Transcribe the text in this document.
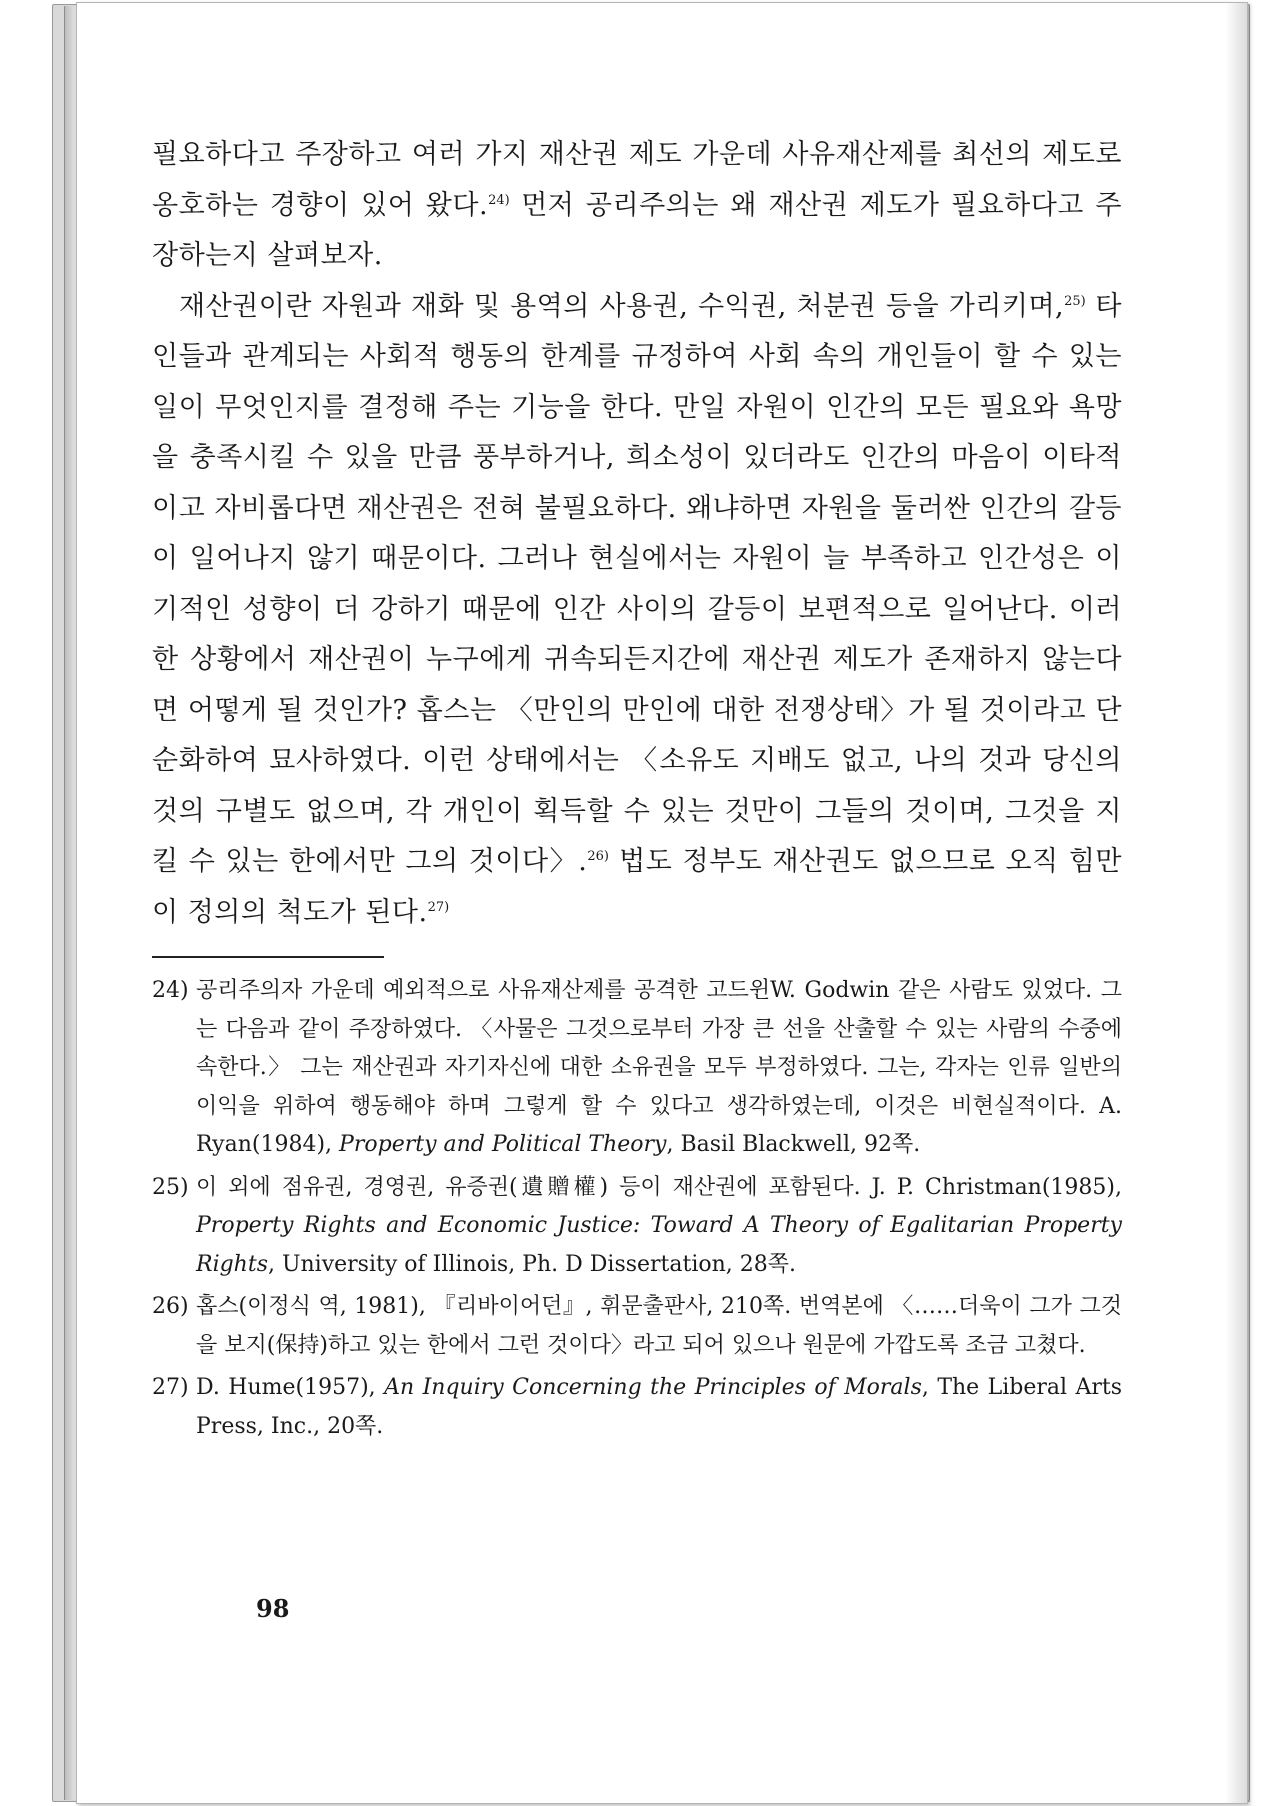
필요하다고 주장하고 여러 가지 재산권 제도 가운데 사유재산제를 최선의 제도로 옹호하는 경향이 있어 왔다.$^{24)}$ 먼저 공리주의는 왜 재산권 제도가 필요하다고 주장하는지 살펴보자.

재산권이란 자원과 재화 및 용역의 사용권, 수익권, 처분권 등을 가리키며,$^{25)}$ 타인들과 관계되는 사회적 행동의 한계를 규정하여 사회 속의 개인들이 할 수 있는 일이 무엇인지를 결정해 주는 기능을 한다. 만일 자원이 인간의 모든 필요와 욕망을 충족시킬 수 있을 만큼 풍부하거나, 희소성이 있더라도 인간의 마음이 이타적이고 자비롭다면 재산권은 전혀 불필요하다. 왜냐하면 자원을 둘러싼 인간의 갈등이 일어나지 않기 때문이다. 그러나 현실에서는 자원이 늘 부족하고 인간성은 이기적인 성향이 더 강하기 때문에 인간 사이의 갈등이 보편적으로 일어난다. 이러한 상황에서 재산권이 누구에게 귀속되든지간에 재산권 제도가 존재하지 않는다면 어떻게 될 것인가? 홉스는 〈만인의 만인에 대한 전쟁상태〉가 될 것이라고 단순화하여 묘사하였다. 이런 상태에서는 〈소유도 지배도 없고, 나의 것과 당신의 것의 구별도 없으며, 각 개인이 획득할 수 있는 것만이 그들의 것이며, 그것을 지킬 수 있는 한에서만 그의 것이다〉.$^{26)}$ 법도 정부도 재산권도 없으므로 오직 힘만이 정의의 척도가 된다.$^{27)}$

24) 공리주의자 가운데 예외적으로 사유재산제를 공격한 고드윈W. Godwin 같은 사람도 있었다. 그는 다음과 같이 주장하였다. 〈사물은 그것으로부터 가장 큰 선을 산출할 수 있는 사람의 수중에 속한다.〉 그는 재산권과 자기자신에 대한 소유권을 모두 부정하였다. 그는, 각자는 인류 일반의 이익을 위하여 행동해야 하며 그렇게 할 수 있다고 생각하였는데, 이것은 비현실적이다. A. Ryan(1984), Property and Political Theory, Basil Blackwell, 92쪽.
25) 이 외에 점유권, 경영권, 유증권(遺贈權) 등이 재산권에 포함된다. J. P. Christman(1985), Property Rights and Economic Justice: Toward A Theory of Egalitarian Property Rights, University of Illinois, Ph. D Dissertation, 28쪽.
26) 홉스(이정식 역, 1981), 『리바이어던』, 휘문출판사, 210쪽. 번역본에 〈……더욱이 그가 그것을 보지(保持)하고 있는 한에서 그런 것이다〉라고 되어 있으나 원문에 가깝도록 조금 고쳤다.
27) D. Hume(1957), An Inquiry Concerning the Principles of Morals, The Liberal Arts Press, Inc., 20쪽.
98
